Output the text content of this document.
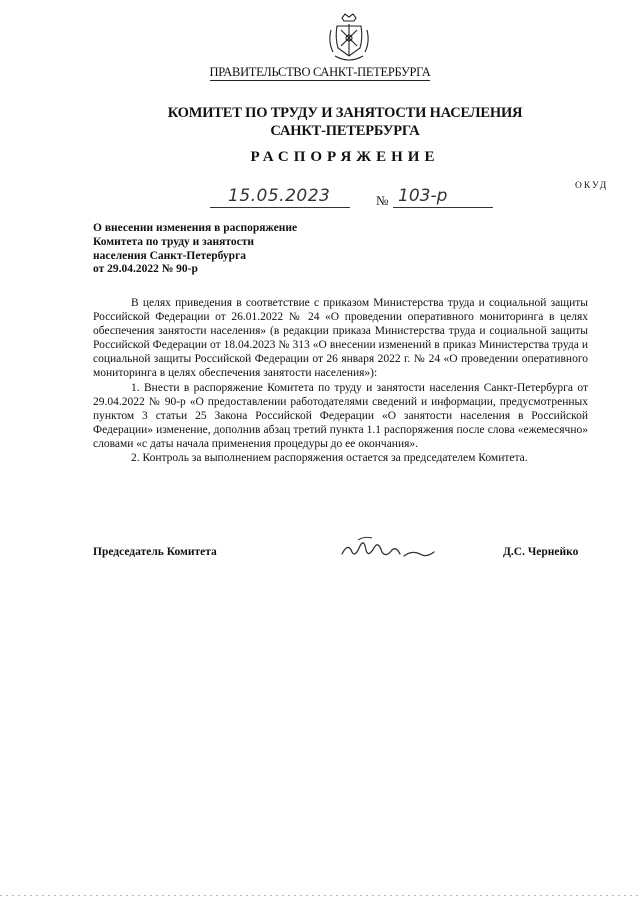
ПРАВИТЕЛЬСТВО САНКТ-ПЕТЕРБУРГА
КОМИТЕТ ПО ТРУДУ И ЗАНЯТОСТИ НАСЕЛЕНИЯ
САНКТ-ПЕТЕРБУРГА
РАСПОРЯЖЕНИЕ
ОКУД
15.05.2023	№ 103-р
О внесении изменения в распоряжение
Комитета по труду и занятости
населения Санкт-Петербурга
от 29.04.2022 № 90-р

В целях приведения в соответствие с приказом Министерства труда и социальной защиты Российской Федерации от 26.01.2022 № 24 «О проведении оперативного мониторинга в целях обеспечения занятости населения» (в редакции приказа Министерства труда и социальной защиты Российской Федерации от 18.04.2023 № 313 «О внесении изменений в приказ Министерства труда и социальной защиты Российской Федерации от 26 января 2022 г. № 24 «О проведении оперативного мониторинга в целях обеспечения занятости населения»):

1. Внести в распоряжение Комитета по труду и занятости населения Санкт-Петербурга от 29.04.2022 № 90-р «О предоставлении работодателями сведений и информации, предусмотренных пунктом 3 статьи 25 Закона Российской Федерации «О занятости населения в Российской Федерации» изменение, дополнив абзац третий пункта 1.1 распоряжения после слова «ежемесячно» словами «с даты начала применения процедуры до ее окончания».

2. Контроль за выполнением распоряжения остается за председателем Комитета.

Председатель Комитета	Д.С. Чернейко
